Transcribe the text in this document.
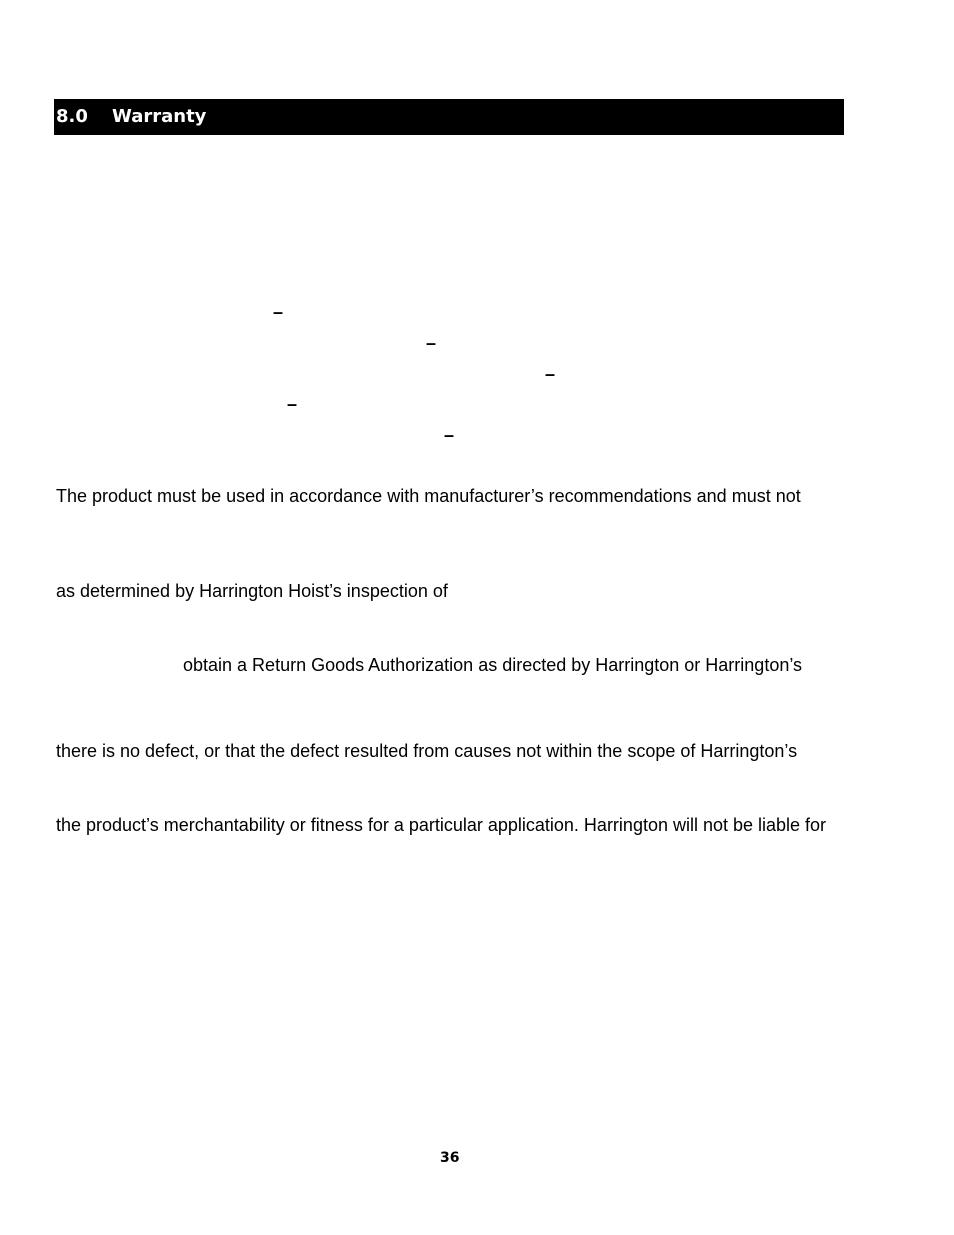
8.0 Warranty
–
–
–
–
–
The product must be used in accordance with manufacturer’s recommendations and must not
as determined by Harrington Hoist’s inspection of
obtain a Return Goods Authorization as directed by Harrington or Harrington’s
there is no defect, or that the defect resulted from causes not within the scope of Harrington’s
the product’s merchantability or fitness for a particular application. Harrington will not be liable for
36
